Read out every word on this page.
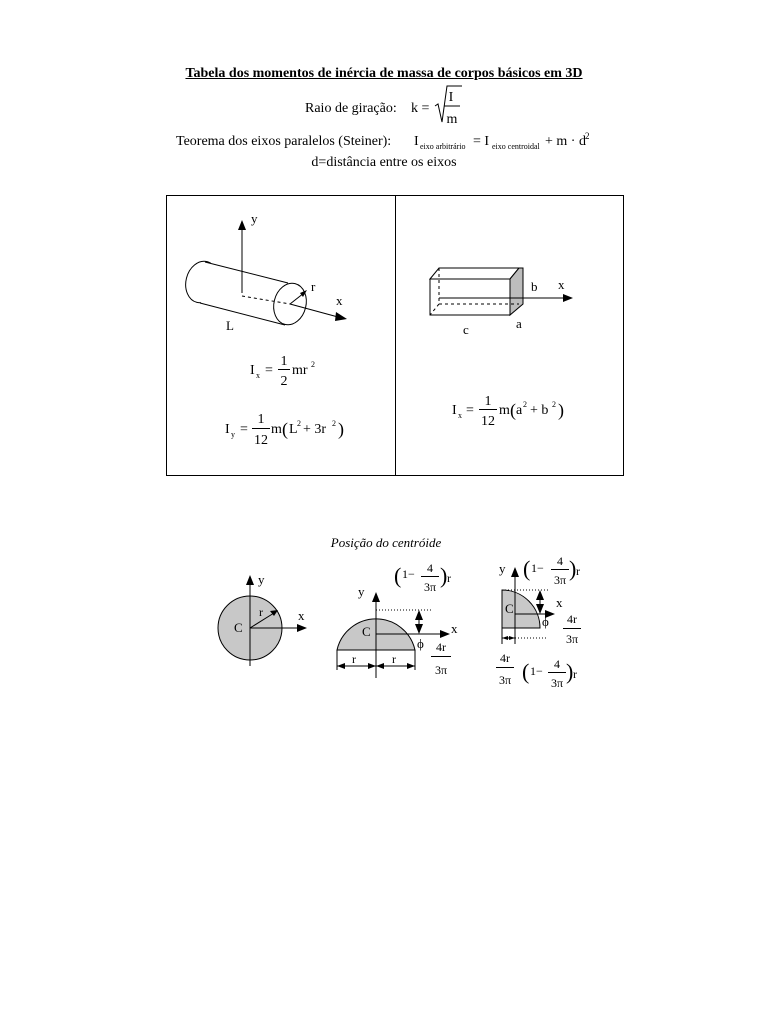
Tabela dos momentos de inércia de massa de corpos básicos em 3D
Raio de giração: k =
I
m
Teorema dos eixos paralelos (Steiner): I eixo arbitrário = I eixo centroidal + m · d 2
d=distância entre os eixos
y
x
r
L
I x =
1
2
mr 2
I y =
1
12
m ( L 2 + 3r 2 )
x
b
a
c
I x =
1
12
m ( a 2 + b 2 )
Posição do centróide
C
r	x
y
C	x
y
r	r
ϕ
( 1− 4
3π ) r
4r
3π
C	x
y
ϕ
( 1− 4
3π ) r
4r
3π
4r
3π ( 1− 4
3π ) r
